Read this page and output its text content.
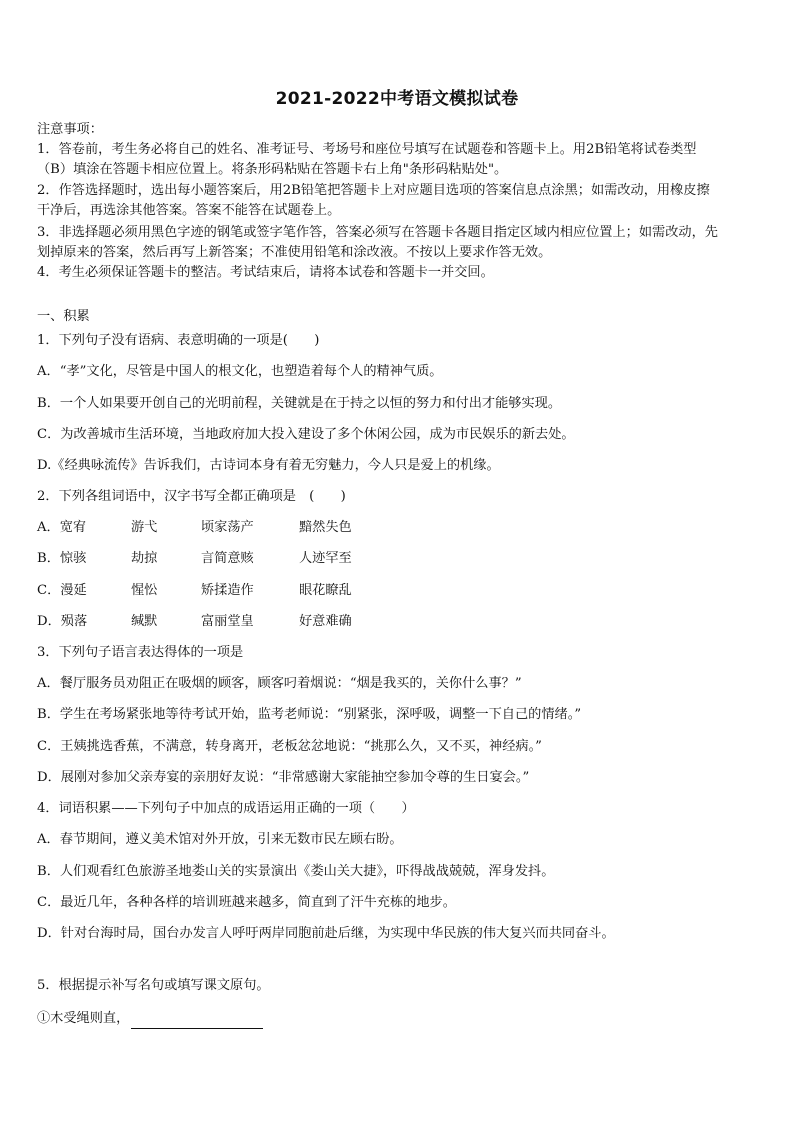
2021-2022中考语文模拟试卷
注意事项：
1．答卷前，考生务必将自己的姓名、准考证号、考场号和座位号填写在试题卷和答题卡上。用2B铅笔将试卷类型
（B）填涂在答题卡相应位置上。将条形码粘贴在答题卡右上角"条形码粘贴处"。
2．作答选择题时，选出每小题答案后，用2B铅笔把答题卡上对应题目选项的答案信息点涂黑；如需改动，用橡皮擦
干净后，再选涂其他答案。答案不能答在试题卷上。
3．非选择题必须用黑色字迹的钢笔或签字笔作答，答案必须写在答题卡各题目指定区域内相应位置上；如需改动，先
划掉原来的答案，然后再写上新答案；不准使用铅笔和涂改液。不按以上要求作答无效。
4．考生必须保证答题卡的整洁。考试结束后，请将本试卷和答题卡一并交回。
一、积累
1．下列句子没有语病、表意明确的一项是(　　)
A．“孝”文化，尽管是中国人的根文化，也塑造着每个人的精神气质。
B．一个人如果要开创自己的光明前程，关键就是在于持之以恒的努力和付出才能够实现。
C．为改善城市生活环境，当地政府加大投入建设了多个休闲公园，成为市民娱乐的新去处。
D.《经典咏流传》告诉我们，古诗词本身有着无穷魅力，今人只是爱上的机缘。
2．下列各组词语中，汉字书写全都正确项是　(　　)
A．宽宥	游弋	顷家荡产	黯然失色
B．惊骇	劫掠	言简意赅	人迹罕至
C．漫延	惺忪	矫揉造作	眼花瞭乱
D．殒落	缄默	富丽堂皇	好意难确
3．下列句子语言表达得体的一项是
A．餐厅服务员劝阻正在吸烟的顾客，顾客叼着烟说：“烟是我买的，关你什么事？”
B．学生在考场紧张地等待考试开始，监考老师说：“别紧张，深呼吸，调整一下自己的情绪。”
C．王姨挑选香蕉，不满意，转身离开，老板忿忿地说：“挑那么久，又不买，神经病。”
D．展刚对参加父亲寿宴的亲朋好友说：“非常感谢大家能抽空参加令尊的生日宴会。”
4．词语积累——下列句子中加点的成语运用正确的一项（　　）
A．春节期间，遵义美术馆对外开放，引来无数市民左顾右盼。
B．人们观看红色旅游圣地娄山关的实景演出《娄山关大捷》，吓得战战兢兢，浑身发抖。
C．最近几年，各种各样的培训班越来越多，简直到了汗牛充栋的地步。
D．针对台海时局，国台办发言人呼吁两岸同胞前赴后继，为实现中华民族的伟大复兴而共同奋斗。
5．根据提示补写名句或填写课文原句。
①木受绳则直，
